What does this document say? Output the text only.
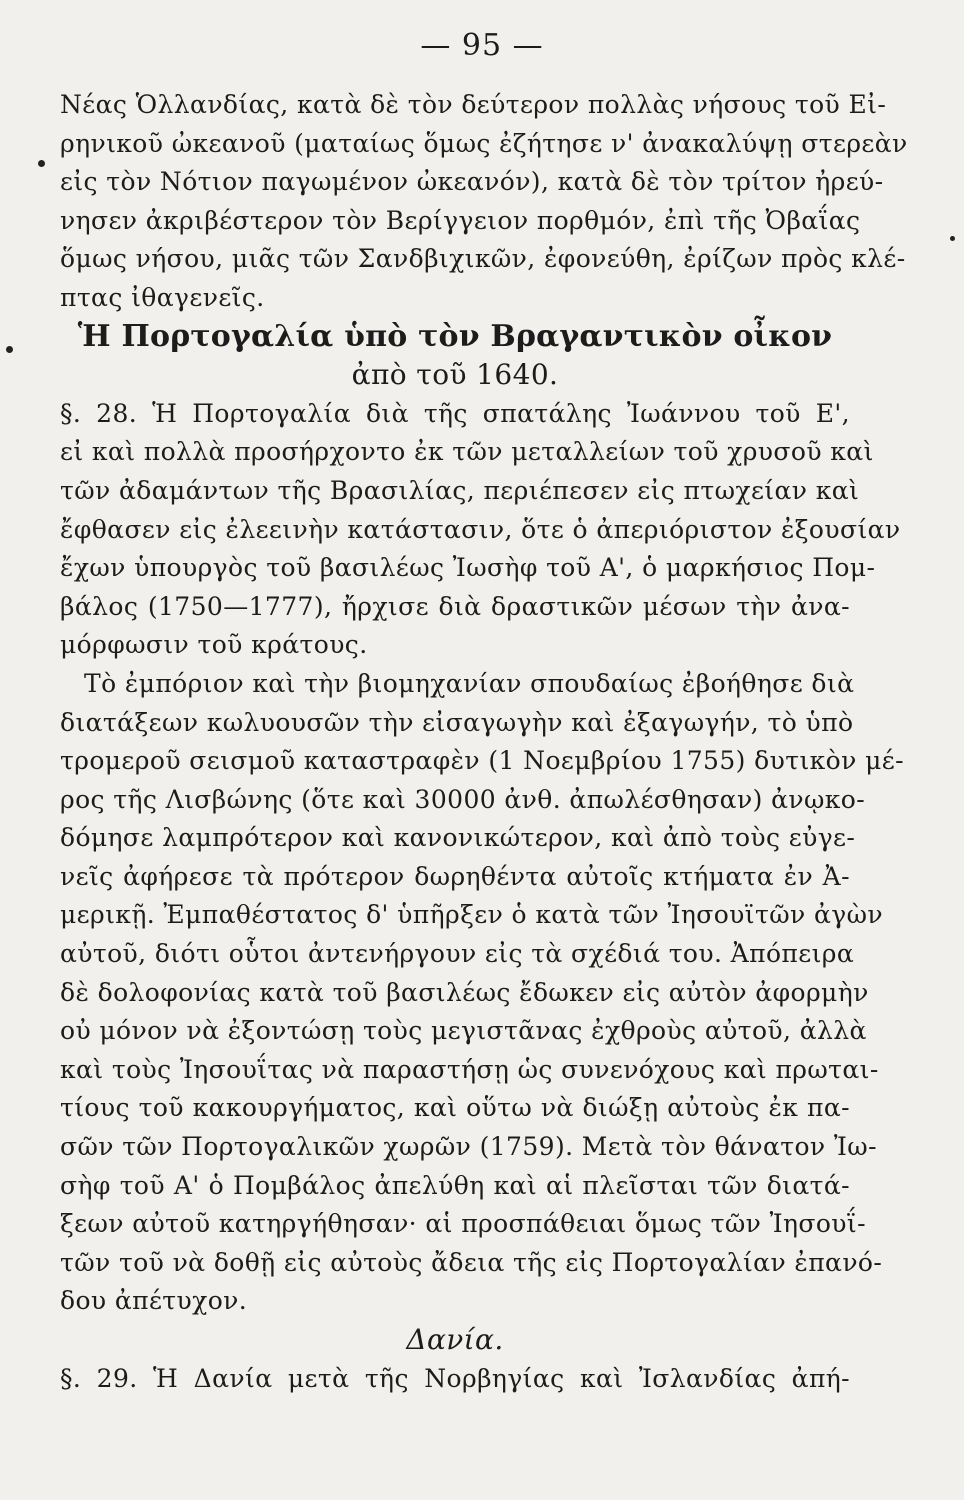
— 95 —
Νέας Ὁλλανδίας, κατὰ δὲ τὸν δεύτερον πολλὰς νήσους τοῦ Εἰ-
ρηνικοῦ ὠκεανοῦ (ματαίως ὅμως ἐζήτησε ν' ἀνακαλύψῃ στερεὰν
εἰς τὸν Νότιον παγωμένον ὠκεανόν), κατὰ δὲ τὸν τρίτον ἠρεύ-
νησεν ἀκριβέστερον τὸν Βερίγγειον πορθμόν, ἐπὶ τῆς Ὀβαΐας
ὅμως νήσου, μιᾶς τῶν Σανδβιχικῶν, ἐφονεύθη, ἐρίζων πρὸς κλέ-
πτας ἰθαγενεῖς.
Ἡ Πορτογαλία ὑπὸ τὸν Βραγαντικὸν οἶκον
ἀπὸ τοῦ 1640.
§. 28. Ἡ Πορτογαλία διὰ τῆς σπατάλης Ἰωάννου τοῦ Ε',
εἰ καὶ πολλὰ προσήρχοντο ἐκ τῶν μεταλλείων τοῦ χρυσοῦ καὶ
τῶν ἀδαμάντων τῆς Βρασιλίας, περιέπεσεν εἰς πτωχείαν καὶ
ἔφθασεν εἰς ἐλεεινὴν κατάστασιν, ὅτε ὁ ἀπεριόριστον ἐξουσίαν
ἔχων ὑπουργὸς τοῦ βασιλέως Ἰωσὴφ τοῦ Α', ὁ μαρκήσιος Πομ-
βάλος (1750—1777), ἤρχισε διὰ δραστικῶν μέσων τὴν ἀνα-
μόρφωσιν τοῦ κράτους.
Τὸ ἐμπόριον καὶ τὴν βιομηχανίαν σπουδαίως ἐβοήθησε διὰ
διατάξεων κωλυουσῶν τὴν εἰσαγωγὴν καὶ ἐξαγωγήν, τὸ ὑπὸ
τρομεροῦ σεισμοῦ καταστραφὲν (1 Νοεμβρίου 1755) δυτικὸν μέ-
ρος τῆς Λισβώνης (ὅτε καὶ 30000 ἀνθ. ἀπωλέσθησαν) ἀνῳκο-
δόμησε λαμπρότερον καὶ κανονικώτερον, καὶ ἀπὸ τοὺς εὐγε-
νεῖς ἀφήρεσε τὰ πρότερον δωρηθέντα αὐτοῖς κτήματα ἐν Ἀ-
μερικῇ. Ἐμπαθέστατος δ' ὑπῆρξεν ὁ κατὰ τῶν Ἰησουϊτῶν ἀγὼν
αὐτοῦ, διότι οὗτοι ἀντενήργουν εἰς τὰ σχέδιά του. Ἀπόπειρα
δὲ δολοφονίας κατὰ τοῦ βασιλέως ἔδωκεν εἰς αὐτὸν ἀφορμὴν
οὐ μόνον νὰ ἐξοντώσῃ τοὺς μεγιστᾶνας ἐχθροὺς αὐτοῦ, ἀλλὰ
καὶ τοὺς Ἰησουΐτας νὰ παραστήσῃ ὡς συνενόχους καὶ πρωται-
τίους τοῦ κακουργήματος, καὶ οὕτω νὰ διώξῃ αὐτοὺς ἐκ πα-
σῶν τῶν Πορτογαλικῶν χωρῶν (1759). Μετὰ τὸν θάνατον Ἰω-
σὴφ τοῦ Α' ὁ Πομβάλος ἀπελύθη καὶ αἱ πλεῖσται τῶν διατά-
ξεων αὐτοῦ κατηργήθησαν· αἱ προσπάθειαι ὅμως τῶν Ἰησουΐ-
τῶν τοῦ νὰ δοθῇ εἰς αὐτοὺς ἄδεια τῆς εἰς Πορτογαλίαν ἐπανό-
δου ἀπέτυχον.
Δανία.
§. 29. Ἡ Δανία μετὰ τῆς Νορβηγίας καὶ Ἰσλανδίας ἀπή-
